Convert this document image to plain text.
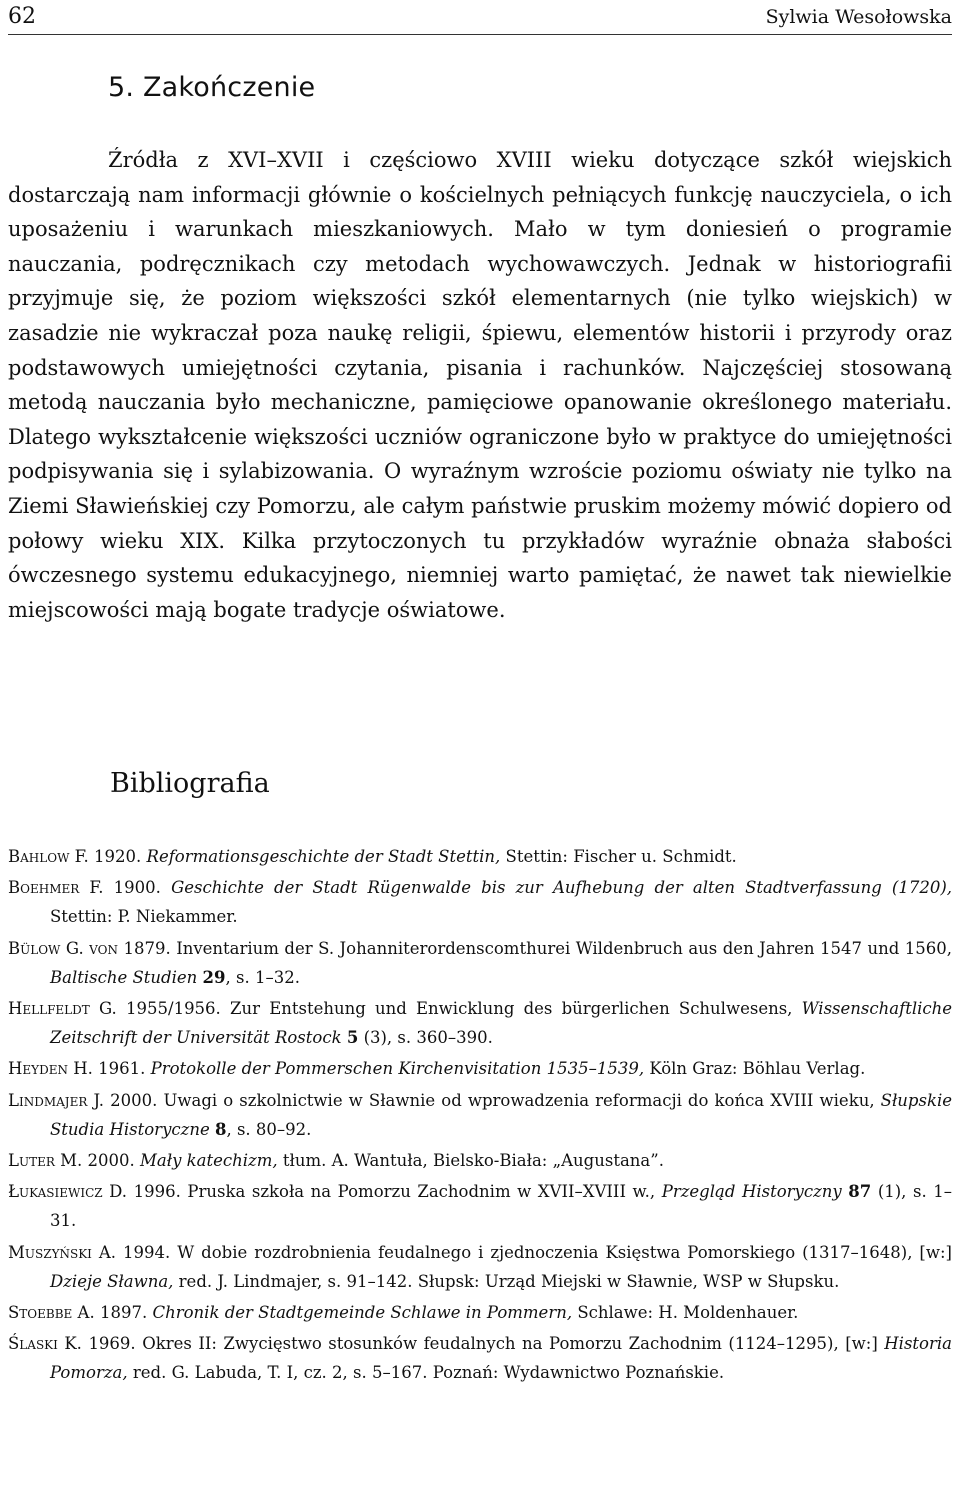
62	Sylwia Wesołowska
5. Zakończenie

Źródła z XVI–XVII i częściowo XVIII wieku dotyczące szkół wiejskich dostarczają nam informacji głównie o kościelnych pełniących funkcję nauczyciela, o ich uposażeniu i warunkach mieszkaniowych. Mało w tym doniesień o programie nauczania, podręcznikach czy metodach wychowawczych. Jednak w historiografii przyjmuje się, że poziom większości szkół elementarnych (nie tylko wiejskich) w zasadzie nie wykraczał poza naukę religii, śpiewu, elementów historii i przyrody oraz podstawowych umiejętności czytania, pisania i rachunków. Najczęściej stosowaną metodą nauczania było mechaniczne, pamięciowe opanowanie określonego materiału. Dlatego wykształcenie większości uczniów ograniczone było w praktyce do umiejętności podpisywania się i sylabizowania. O wyraźnym wzroście poziomu oświaty nie tylko na Ziemi Sławieńskiej czy Pomorzu, ale całym państwie pruskim możemy mówić dopiero od połowy wieku XIX. Kilka przytoczonych tu przykładów wyraźnie obnaża słabości ówczesnego systemu edukacyjnego, niemniej warto pamiętać, że nawet tak niewielkie miejscowości mają bogate tradycje oświatowe.

Bibliografia
Bahlow F. 1920. Reformationsgeschichte der Stadt Stettin, Stettin: Fischer u. Schmidt.
Boehmer F. 1900. Geschichte der Stadt Rügenwalde bis zur Aufhebung der alten Stadtverfassung (1720), Stettin: P. Niekammer.
Bülow G. von 1879. Inventarium der S. Johanniterordenscomthurei Wildenbruch aus den Jahren 1547 und 1560, Baltische Studien 29, s. 1–32.
Hellfeldt G. 1955/1956. Zur Entstehung und Enwicklung des bürgerlichen Schulwesens, Wissenschaftliche Zeitschrift der Universität Rostock 5 (3), s. 360–390.
Heyden H. 1961. Protokolle der Pommerschen Kirchenvisitation 1535–1539, Köln Graz: Böhlau Verlag.
Lindmajer J. 2000. Uwagi o szkolnictwie w Sławnie od wprowadzenia reformacji do końca XVIII wieku, Słupskie Studia Historyczne 8, s. 80–92.
Luter M. 2000. Mały katechizm, tłum. A. Wantuła, Bielsko-Biała: „Augustana”.
Łukasiewicz D. 1996. Pruska szkoła na Pomorzu Zachodnim w XVII–XVIII w., Przegląd Historyczny 87 (1), s. 1–31.
Muszyński A. 1994. W dobie rozdrobnienia feudalnego i zjednoczenia Księstwa Pomorskiego (1317–1648), [w:] Dzieje Sławna, red. J. Lindmajer, s. 91–142. Słupsk: Urząd Miejski w Sławnie, WSP w Słupsku.
Stoebbe A. 1897. Chronik der Stadtgemeinde Schlawe in Pommern, Schlawe: H. Moldenhauer.
Ślaski K. 1969. Okres II: Zwycięstwo stosunków feudalnych na Pomorzu Zachodnim (1124–1295), [w:] Historia Pomorza, red. G. Labuda, T. I, cz. 2, s. 5–167. Poznań: Wydawnictwo Poznańskie.
